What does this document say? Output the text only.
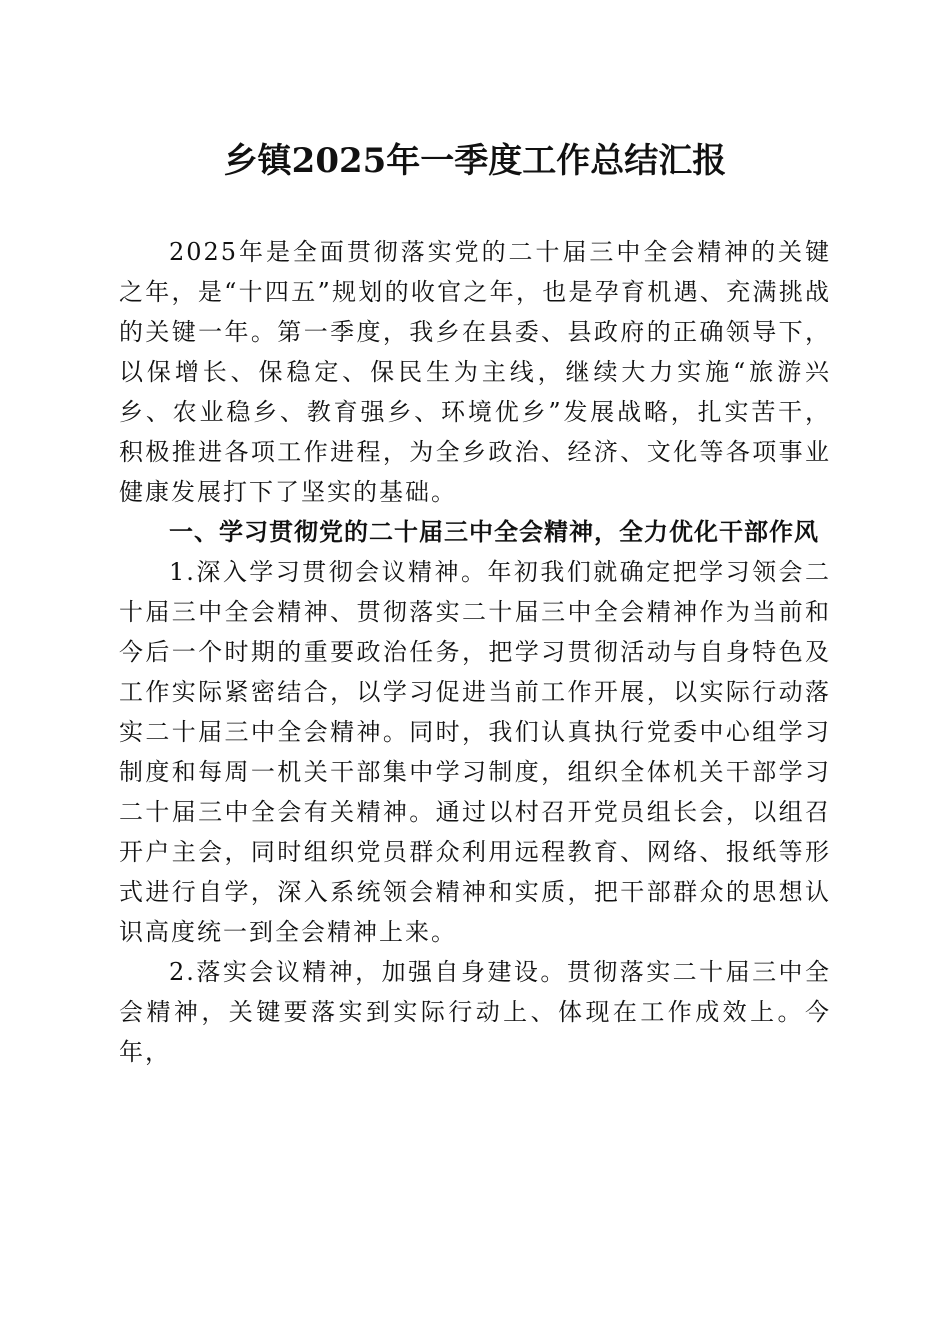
乡镇2025年一季度工作总结汇报

2025年是全面贯彻落实党的二十届三中全会精神的关键之年，是“十四五”规划的收官之年，也是孕育机遇、充满挑战的关键一年。第一季度，我乡在县委、县政府的正确领导下，以保增长、保稳定、保民生为主线，继续大力实施“旅游兴乡、农业稳乡、教育强乡、环境优乡”发展战略，扎实苦干，积极推进各项工作进程，为全乡政治、经济、文化等各项事业健康发展打下了坚实的基础。

一、学习贯彻党的二十届三中全会精神，全力优化干部作风

1.深入学习贯彻会议精神。年初我们就确定把学习领会二十届三中全会精神、贯彻落实二十届三中全会精神作为当前和今后一个时期的重要政治任务，把学习贯彻活动与自身特色及工作实际紧密结合，以学习促进当前工作开展，以实际行动落实二十届三中全会精神。同时，我们认真执行党委中心组学习制度和每周一机关干部集中学习制度，组织全体机关干部学习二十届三中全会有关精神。通过以村召开党员组长会，以组召开户主会，同时组织党员群众利用远程教育、网络、报纸等形式进行自学，深入系统领会精神和实质，把干部群众的思想认识高度统一到全会精神上来。

2.落实会议精神，加强自身建设。贯彻落实二十届三中全会精神，关键要落实到实际行动上、体现在工作成效上。今年，
